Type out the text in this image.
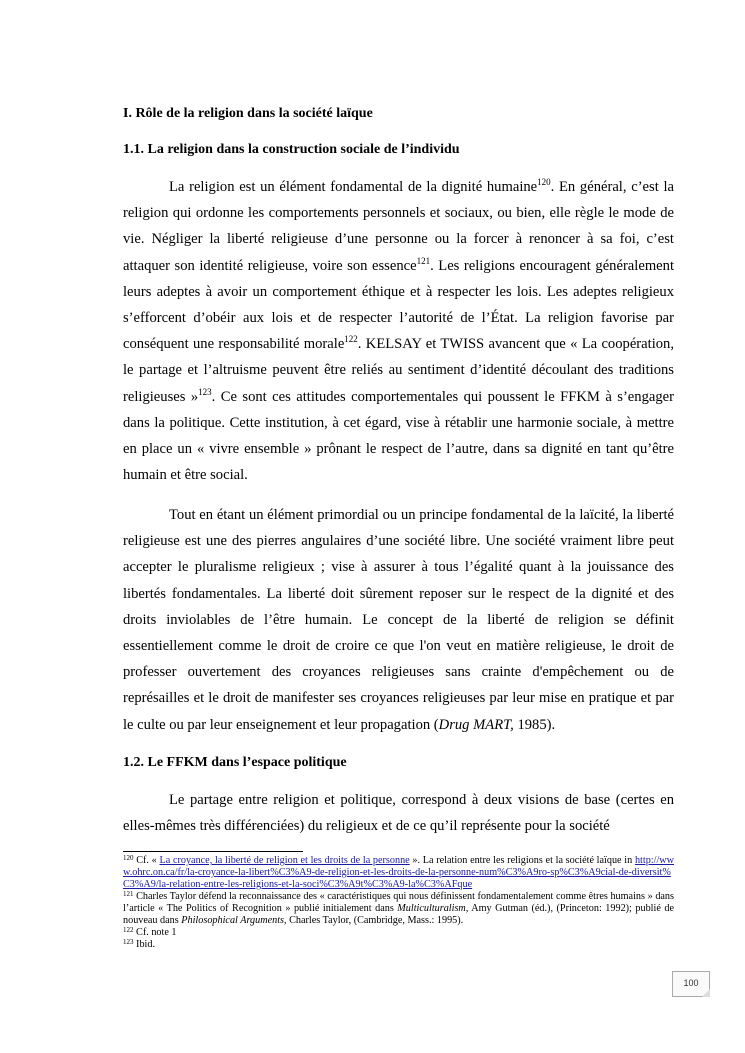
I. Rôle de la religion dans la société laïque
1.1. La religion dans la construction sociale de l’individu

La religion est un élément fondamental de la dignité humaine$^{120}$. En général, c’est la religion qui ordonne les comportements personnels et sociaux, ou bien, elle règle le mode de vie. Négliger la liberté religieuse d’une personne ou la forcer à renoncer à sa foi, c’est attaquer son identité religieuse, voire son essence$^{121}$. Les religions encouragent généralement leurs adeptes à avoir un comportement éthique et à respecter les lois. Les adeptes religieux s’efforcent d’obéir aux lois et de respecter l’autorité de l’État. La religion favorise par conséquent une responsabilité morale$^{122}$. KELSAY et TWISS avancent que « La coopération, le partage et l’altruisme peuvent être reliés au sentiment d’identité découlant des traditions religieuses »$^{123}$. Ce sont ces attitudes comportementales qui poussent le FFKM à s’engager dans la politique. Cette institution, à cet égard, vise à rétablir une harmonie sociale, à mettre en place un « vivre ensemble » prônant le respect de l’autre, dans sa dignité en tant qu’être humain et être social.

Tout en étant un élément primordial ou un principe fondamental de la laïcité, la liberté religieuse est une des pierres angulaires d’une société libre. Une société vraiment libre peut accepter le pluralisme religieux ; vise à assurer à tous l’égalité quant à la jouissance des libertés fondamentales. La liberté doit sûrement reposer sur le respect de la dignité et des droits inviolables de l’être humain. Le concept de la liberté de religion se définit essentiellement comme le droit de croire ce que l'on veut en matière religieuse, le droit de professer ouvertement des croyances religieuses sans crainte d'empêchement ou de représailles et le droit de manifester ses croyances religieuses par leur mise en pratique et par le culte ou par leur enseignement et leur propagation (Drug MART, 1985).

1.2. Le FFKM dans l’espace politique

Le partage entre religion et politique, correspond à deux visions de base (certes en elles-mêmes très différenciées) du religieux et de ce qu’il représente pour la société

$^{120}$ Cf. « La croyance, la liberté de religion et les droits de la personne ». La relation entre les religions et la société laïque in http://www.ohrc.on.ca/fr/la-croyance-la-libert%C3%A9-de-religion-et-les-droits-de-la-personne-num%C3%A9ro-sp%C3%A9cial-de-diversit%C3%A9/la-relation-entre-les-religions-et-la-soci%C3%A9t%C3%A9-la%C3%AFque
$^{121}$ Charles Taylor défend la reconnaissance des « caractéristiques qui nous définissent fondamentalement comme êtres humains » dans l’article « The Politics of Recognition » publié initialement dans Multiculturalism, Amy Gutman (éd.), (Princeton: 1992); publié de nouveau dans Philosophical Arguments, Charles Taylor, (Cambridge, Mass.: 1995).
$^{122}$ Cf. note 1
$^{123}$ Ibid.
100
